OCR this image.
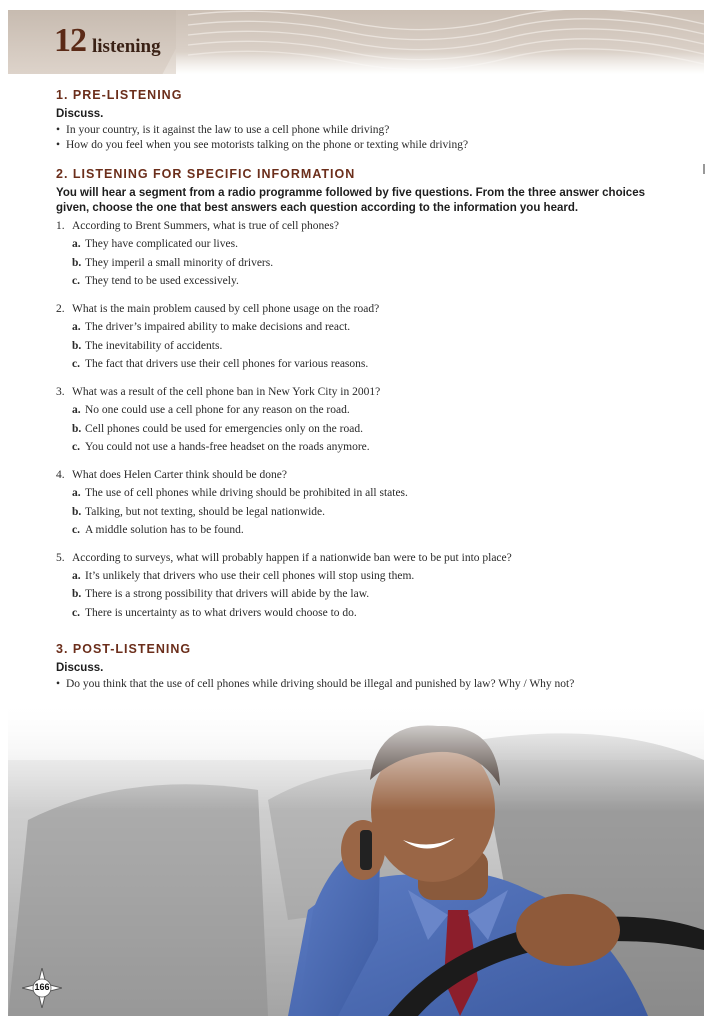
12 listening
1. PRE-LISTENING
Discuss.
• In your country, is it against the law to use a cell phone while driving?
• How do you feel when you see motorists talking on the phone or texting while driving?
2. LISTENING FOR SPECIFIC INFORMATION
You will hear a segment from a radio programme followed by five questions. From the three answer choices given, choose the one that best answers each question according to the information you heard.
1. According to Brent Summers, what is true of cell phones?
a. They have complicated our lives.
b. They imperil a small minority of drivers.
c. They tend to be used excessively.
2. What is the main problem caused by cell phone usage on the road?
a. The driver’s impaired ability to make decisions and react.
b. The inevitability of accidents.
c. The fact that drivers use their cell phones for various reasons.
3. What was a result of the cell phone ban in New York City in 2001?
a. No one could use a cell phone for any reason on the road.
b. Cell phones could be used for emergencies only on the road.
c. You could not use a hands-free headset on the roads anymore.
4. What does Helen Carter think should be done?
a. The use of cell phones while driving should be prohibited in all states.
b. Talking, but not texting, should be legal nationwide.
c. A middle solution has to be found.
5. According to surveys, what will probably happen if a nationwide ban were to be put into place?
a. It’s unlikely that drivers who use their cell phones will stop using them.
b. There is a strong possibility that drivers will abide by the law.
c. There is uncertainty as to what drivers would choose to do.
3. POST-LISTENING
Discuss.
• Do you think that the use of cell phones while driving should be illegal and punished by law? Why / Why not?
166
